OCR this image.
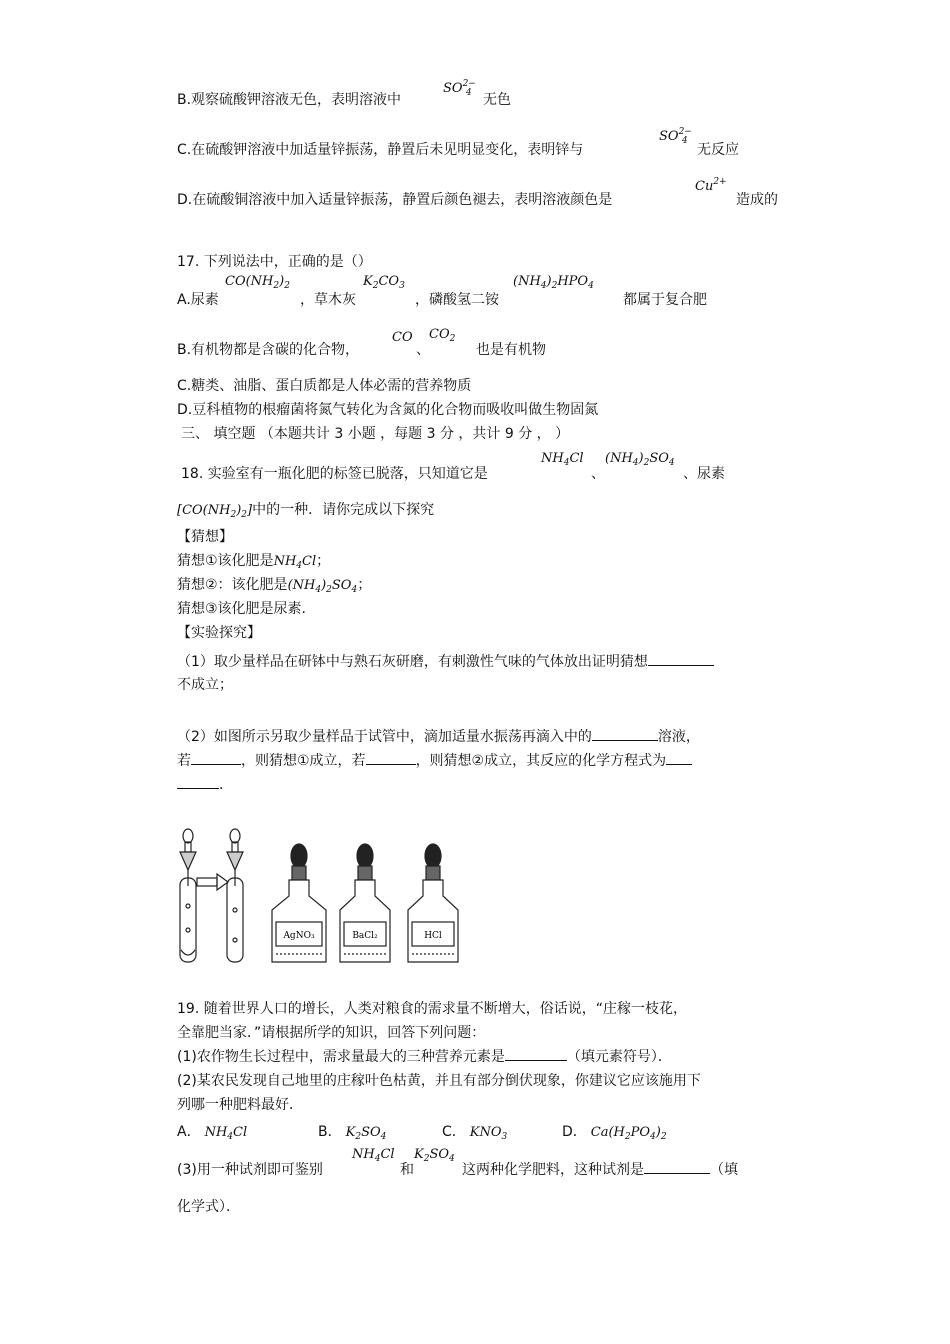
B.观察硫酸钾溶液无色，表明溶液中
$SO^{2-}_4$ 无色
C.在硫酸钾溶液中加适量锌振荡，静置后未见明显变化，表明锌与
$SO^{2-}_4$
无反应
D.在硫酸铜溶液中加入适量锌振荡，静置后颜色褪去，表明溶液颜色是
$Cu^{2+}$
造成的
17. 下列说法中，正确的是（）
$CO(NH_2)_2$	$K_2CO_3$	$(NH_4)_2HPO_4$
A.尿素	，草木灰	，磷酸氢二铵	都属于复合肥
CO $CO_2$
B.有机物都是含碳的化合物，	、	也是有机物
C.糖类、油脂、蛋白质都是人体必需的营养物质
D.豆科植物的根瘤菌将氮气转化为含氮的化合物而吸收叫做生物固氮
三、 填空题 （本题共计 3 小题 ，每题 3 分 ，共计 9 分 ， ）
$NH_4Cl$ $(NH_4)_2SO_4$
18. 实验室有一瓶化肥的标签已脱落，只知道它是	、	、尿素
$[CO(NH_2)_2]$中的一种．请你完成以下探究
【猜想】
猜想①该化肥是$NH_4Cl$；
猜想②：该化肥是$(NH_4)_2SO_4$；
猜想③该化肥是尿素．
【实验探究】
（1）取少量样品在研钵中与熟石灰研磨，有刺激性气味的气体放出证明猜想
不成立；
（2）如图所示另取少量样品于试管中，滴加适量水振荡再滴入中的	溶液，
若	，则猜想①成立，若	，则猜想②成立，其反应的化学方程式为
．
AgNO₃	BaCl₂	HCl
19. 随着世界人口的增长，人类对粮食的需求量不断增大，俗话说，“庄稼一枝花，
全靠肥当家．”请根据所学的知识，回答下列问题：
(1)农作物生长过程中，需求量最大的三种营养元素是	（填元素符号）．
(2)某农民发现自己地里的庄稼叶色枯黄，并且有部分倒伏现象，你建议它应该施用下
列哪一种肥料最好．
A． $NH_4Cl$	B． $K_2SO_4$	C． $KNO_3$	D． $Ca(H_2PO_4)_2$
$NH_4Cl$ $K_2SO_4$
(3)用一种试剂即可鉴别	和	这两种化学肥料，这种试剂是	（填
化学式）．
